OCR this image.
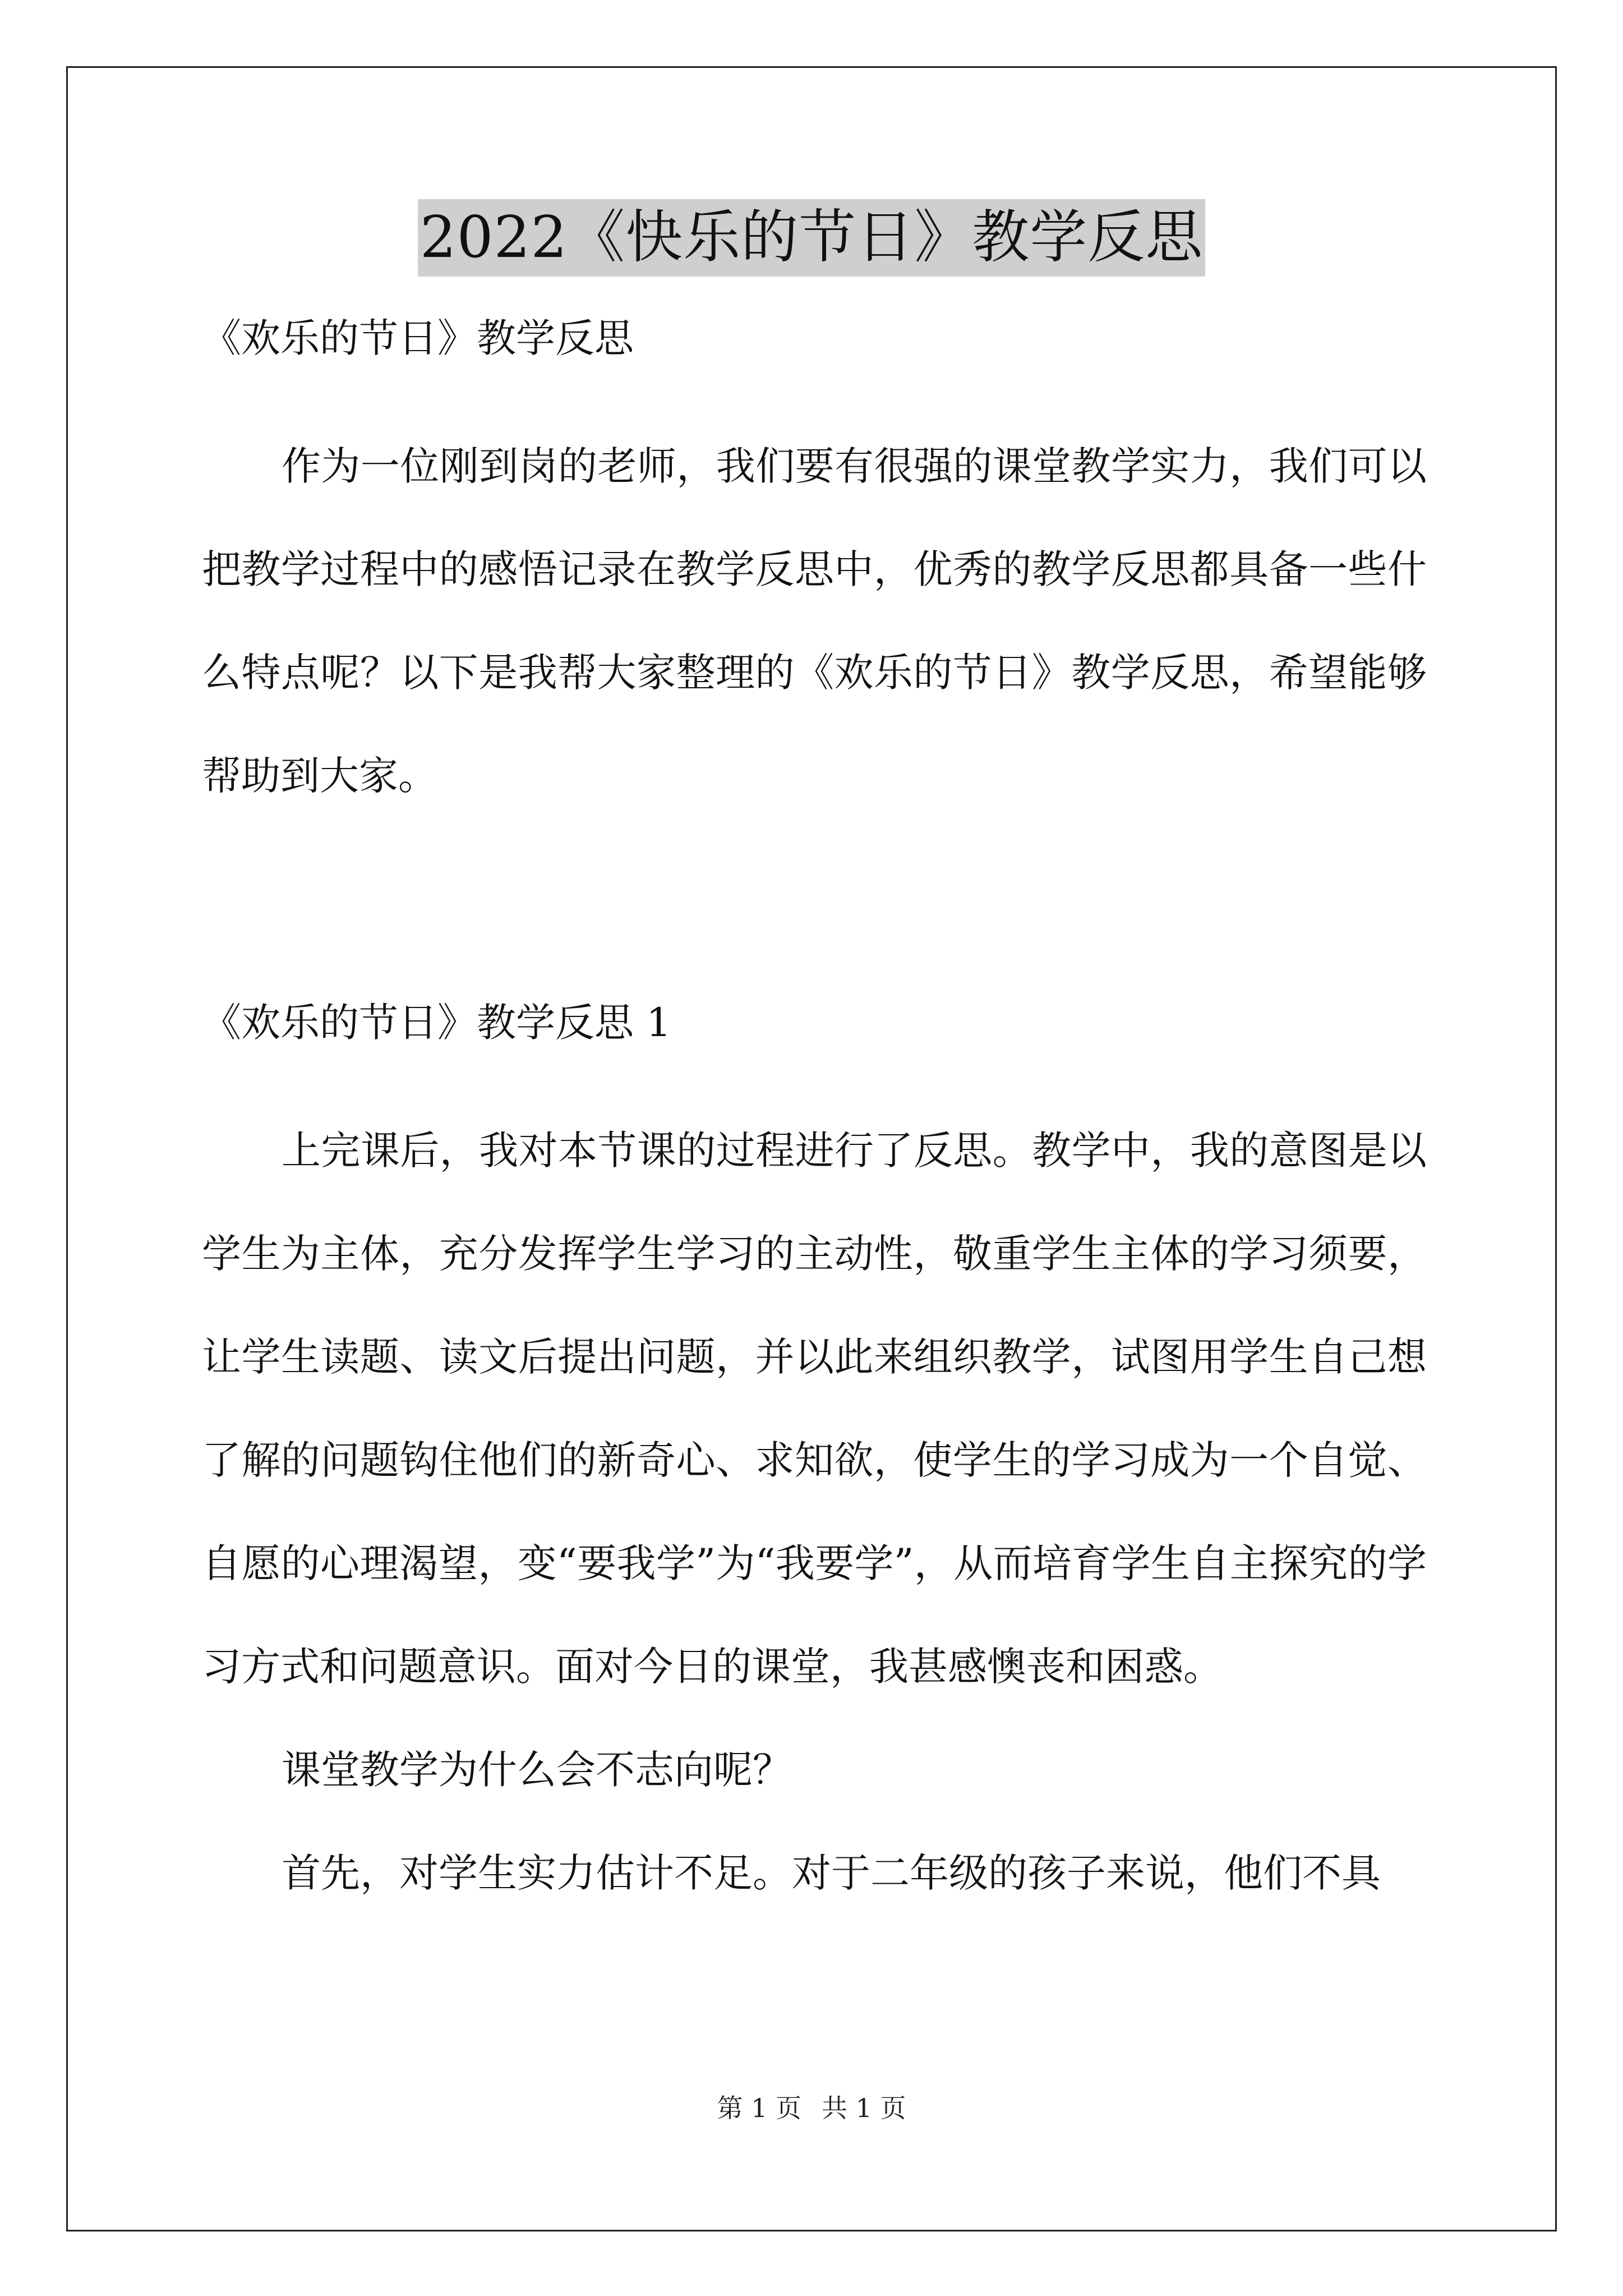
2022《快乐的节日》教学反思

《欢乐的节日》教学反思

作为一位刚到岗的老师，我们要有很强的课堂教学实力，我们可以把教学过程中的感悟记录在教学反思中，优秀的教学反思都具备一些什么特点呢？以下是我帮大家整理的《欢乐的节日》教学反思，希望能够帮助到大家。

《欢乐的节日》教学反思 1

上完课后，我对本节课的过程进行了反思。教学中，我的意图是以学生为主体，充分发挥学生学习的主动性，敬重学生主体的学习须要，让学生读题、读文后提出问题，并以此来组织教学，试图用学生自己想了解的问题钩住他们的新奇心、求知欲，使学生的学习成为一个自觉、自愿的心理渴望，变“要我学”为“我要学”，从而培育学生自主探究的学习方式和问题意识。面对今日的课堂，我甚感懊丧和困惑。

课堂教学为什么会不志向呢？

首先，对学生实力估计不足。对于二年级的孩子来说，他们不具

第 1 页 共 1 页
